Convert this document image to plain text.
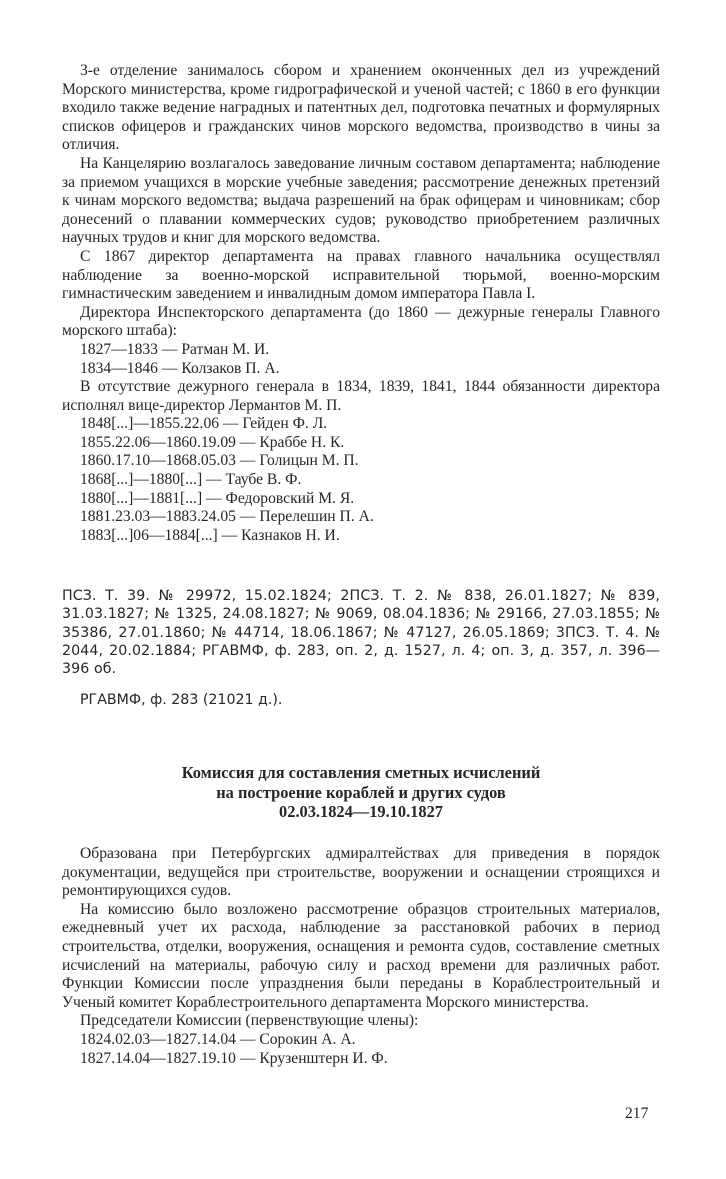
3-е отделение занималось сбором и хранением оконченных дел из учреждений Морского министерства, кроме гидрографической и ученой частей; с 1860 в его функции входило также ведение наградных и патентных дел, подготовка печатных и формулярных списков офицеров и гражданских чинов морского ведомства, производство в чины за отличия.

На Канцелярию возлагалось заведование личным составом департамента; наблюдение за приемом учащихся в морские учебные заведения; рассмотрение денежных претензий к чинам морского ведомства; выдача разрешений на брак офицерам и чиновникам; сбор донесений о плавании коммерческих судов; руководство приобретением различных научных трудов и книг для морского ведомства.

С 1867 директор департамента на правах главного начальника осуществлял наблюдение за военно-морской исправительной тюрьмой, военно-морским гимнастическим заведением и инвалидным домом императора Павла I.

Директора Инспекторского департамента (до 1860 — дежурные генералы Главного морского штаба):

1827—1833 — Ратман М. И.

1834—1846 — Колзаков П. А.

В отсутствие дежурного генерала в 1834, 1839, 1841, 1844 обязанности директора исполнял вице-директор Лермантов М. П.

1848[...]—1855.22.06 — Гейден Ф. Л.

1855.22.06—1860.19.09 — Краббе Н. К.

1860.17.10—1868.05.03 — Голицын М. П.

1868[...]—1880[...] — Таубе В. Ф.

1880[...]—1881[...] — Федоровский М. Я.

1881.23.03—1883.24.05 — Перелешин П. А.

1883[...]06—1884[...] — Казнаков Н. И.

ПСЗ. Т. 39. № 29972, 15.02.1824; 2ПСЗ. Т. 2. № 838, 26.01.1827; № 839, 31.03.1827; № 1325, 24.08.1827; № 9069, 08.04.1836; № 29166, 27.03.1855; № 35386, 27.01.1860; № 44714, 18.06.1867; № 47127, 26.05.1869; 3ПСЗ. Т. 4. № 2044, 20.02.1884; РГАВМФ, ф. 283, оп. 2, д. 1527, л. 4; оп. 3, д. 357, л. 396—396 об.

РГАВМФ, ф. 283 (21021 д.).

Комиссия для составления сметных исчислений
на построение кораблей и других судов
02.03.1824—19.10.1827

Образована при Петербургских адмиралтействах для приведения в порядок документации, ведущейся при строительстве, вооружении и оснащении строящихся и ремонтирующихся судов.

На комиссию было возложено рассмотрение образцов строительных материалов, ежедневный учет их расхода, наблюдение за расстановкой рабочих в период строительства, отделки, вооружения, оснащения и ремонта судов, составление сметных исчислений на материалы, рабочую силу и расход времени для различных работ. Функции Комиссии после упразднения были переданы в Кораблестроительный и Ученый комитет Кораблестроительного департамента Морского министерства.

Председатели Комиссии (первенствующие члены):

1824.02.03—1827.14.04 — Сорокин А. А.

1827.14.04—1827.19.10 — Крузенштерн И. Ф.

217
